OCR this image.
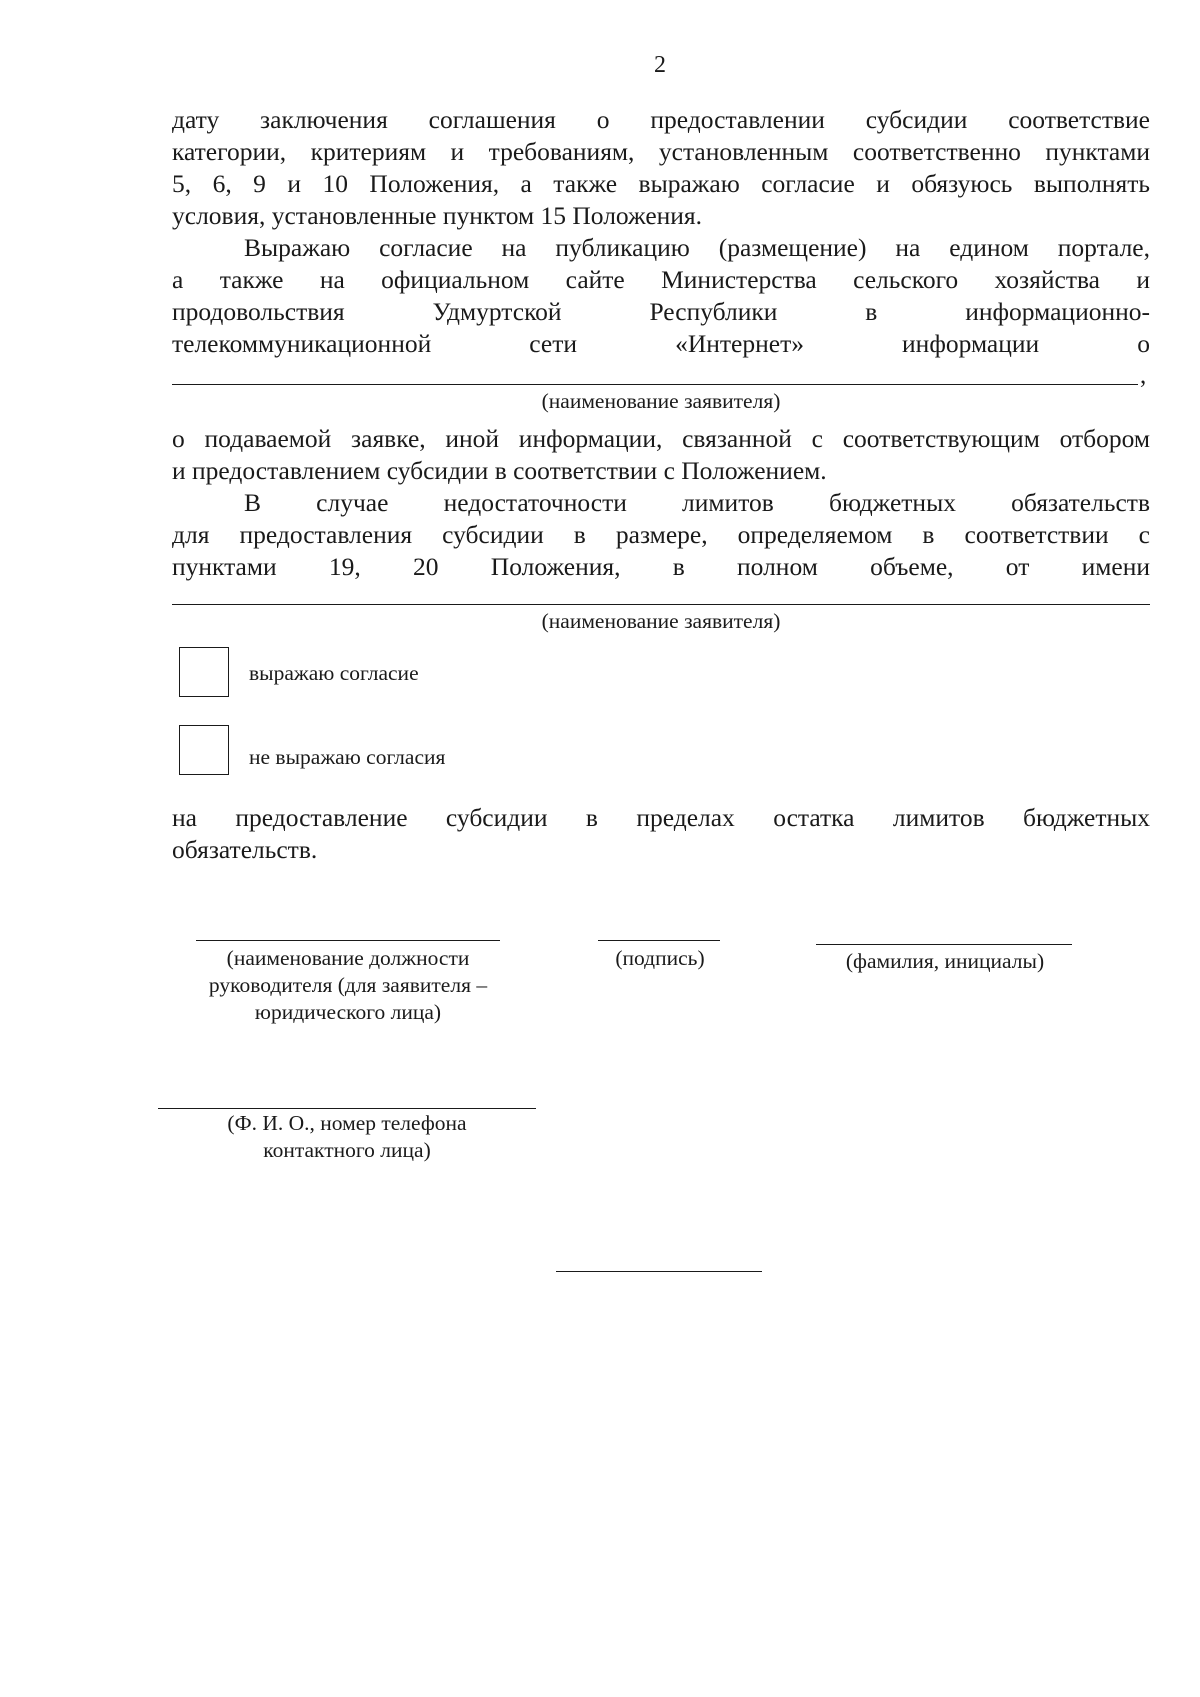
2
дату заключения соглашения о предоставлении субсидии соответствие
категории, критериям и требованиям, установленным соответственно пунктами
5, 6, 9 и 10 Положения, а также выражаю согласие и обязуюсь выполнять
условия, установленные пунктом 15 Положения.
Выражаю согласие на публикацию (размещение) на едином портале,
а также на официальном сайте Министерства сельского хозяйства и
продовольствия Удмуртской Республики в информационно-
телекоммуникационной сети «Интернет» информации о
,
(наименование заявителя)
о подаваемой заявке, иной информации, связанной с соответствующим отбором
и предоставлением субсидии в соответствии с Положением.
В случае недостаточности лимитов бюджетных обязательств
для предоставления субсидии в размере, определяемом в соответствии с
пунктами 19, 20 Положения, в полном объеме, от имени
(наименование заявителя)
выражаю согласие
не выражаю согласия
на предоставление субсидии в пределах остатка лимитов бюджетных
обязательств.
(наименование должности
руководителя (для заявителя –
юридического лица)
(подпись)	(фамилия, инициалы)
(Ф. И. О., номер телефона
контактного лица)
